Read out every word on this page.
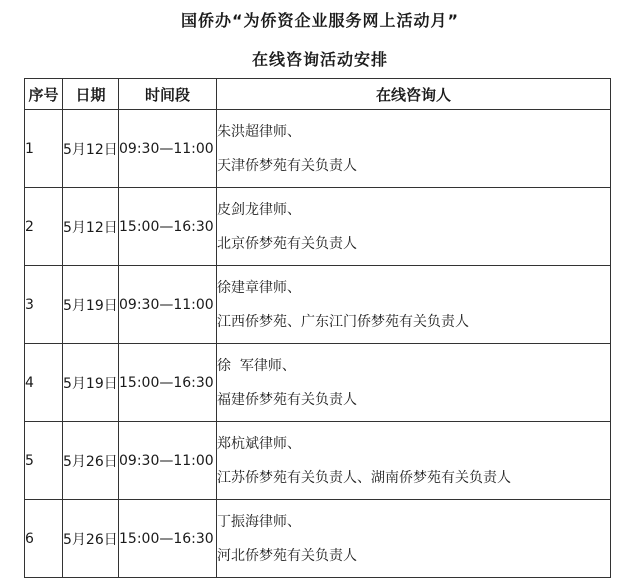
国侨办“为侨资企业服务网上活动月”
在线咨询活动安排
序号	日期	时间段	在线咨询人
1	5月12日	09:30—11:00	朱洪超律师、
天津侨梦苑有关负责人

2	5月12日	15:00—16:30	皮剑龙律师、
北京侨梦苑有关负责人

3	5月19日	09:30—11:00	徐建章律师、
江西侨梦苑、广东江门侨梦苑有关负责人

4	5月19日	15:00—16:30	徐  军律师、
福建侨梦苑有关负责人

5	5月26日	09:30—11:00	郑杭斌律师、
江苏侨梦苑有关负责人、湖南侨梦苑有关负责人

6	5月26日	15:00—16:30	丁振海律师、
河北侨梦苑有关负责人
